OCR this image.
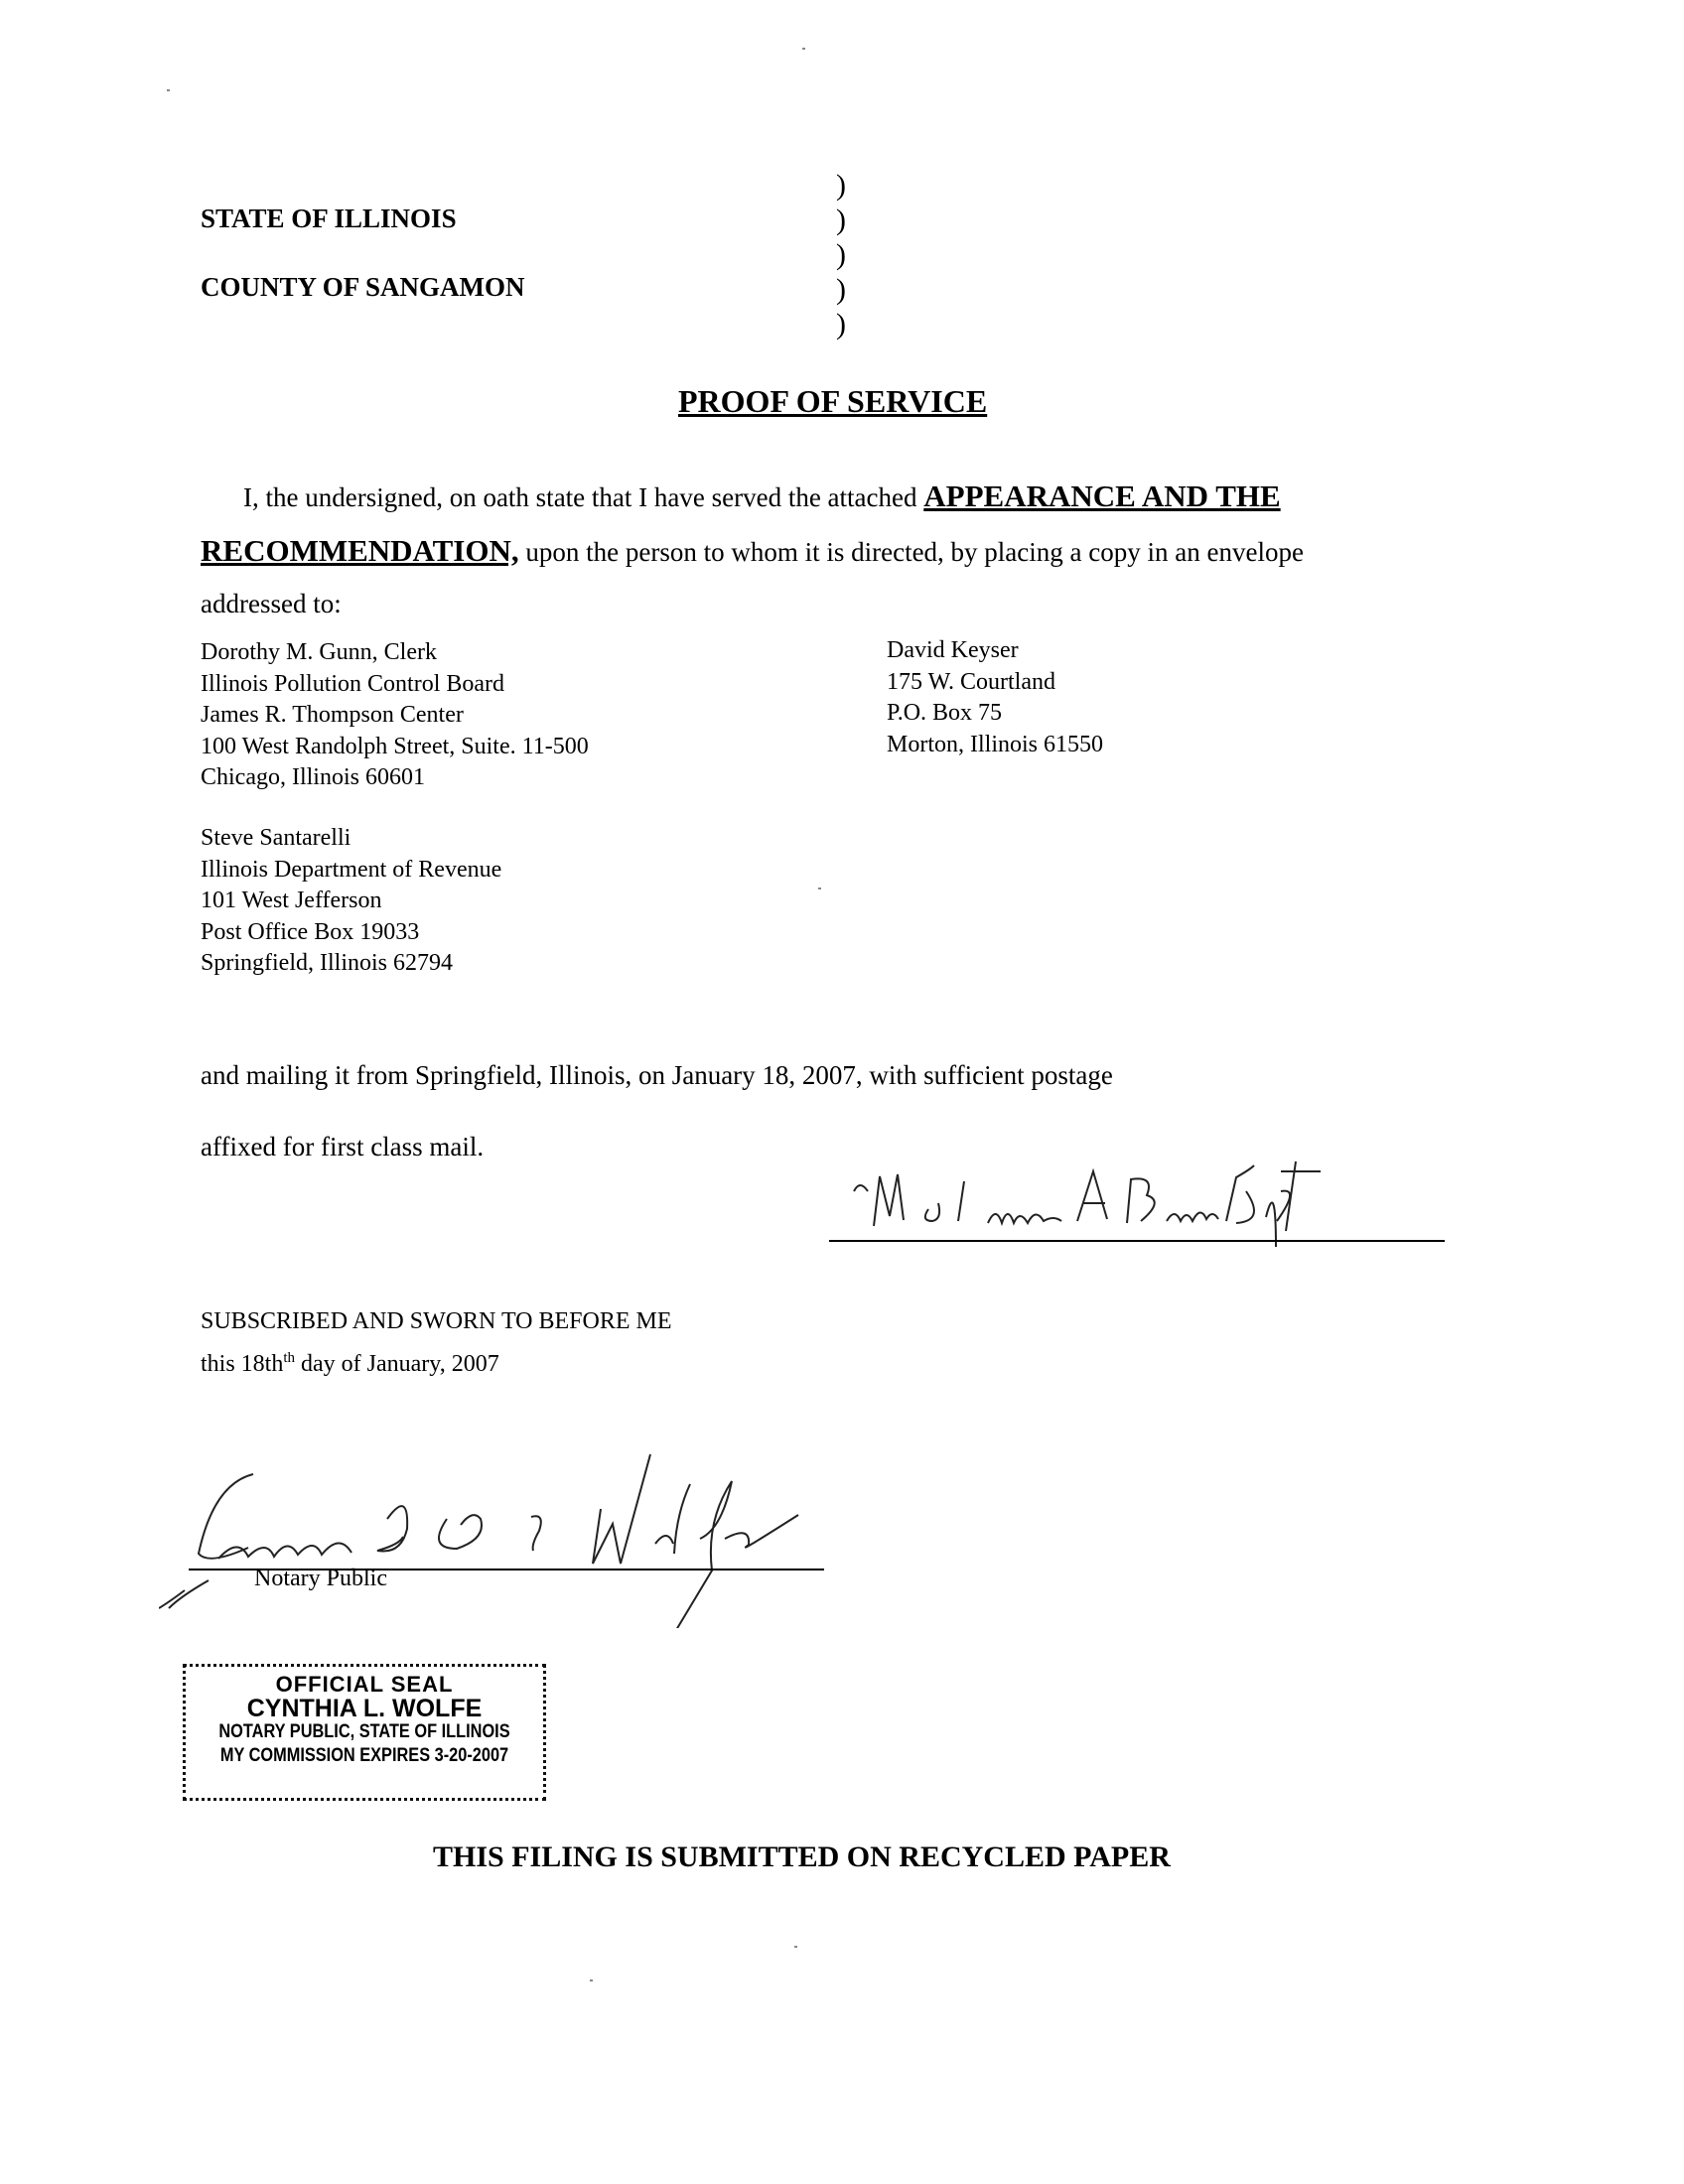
STATE OF ILLINOIS
COUNTY OF SANGAMON
)
)
)
)
)
PROOF OF SERVICE
I, the undersigned, on oath state that I have served the attached APPEARANCE AND THE
RECOMMENDATION, upon the person to whom it is directed, by placing a copy in an envelope
addressed to:
Dorothy M. Gunn, Clerk
Illinois Pollution Control Board
James R. Thompson Center
100 West Randolph Street, Suite. 11-500
Chicago, Illinois 60601
David Keyser
175 W. Courtland
P.O. Box 75
Morton, Illinois 61550
Steve Santarelli
Illinois Department of Revenue
101 West Jefferson
Post Office Box 19033
Springfield, Illinois 62794
and mailing it from Springfield, Illinois, on January 18, 2007, with sufficient postage
affixed for first class mail.
Melinda A. Brandt
SUBSCRIBED AND SWORN TO BEFORE ME
this $18th^{th}$ day of January, 2007
this 18th
Cynthia L. Wolfe
Notary Public
OFFICIAL SEAL
CYNTHIA L. WOLFE
NOTARY PUBLIC, STATE OF ILLINOIS
MY COMMISSION EXPIRES 3-20-2007
THIS FILING IS SUBMITTED ON RECYCLED PAPER
